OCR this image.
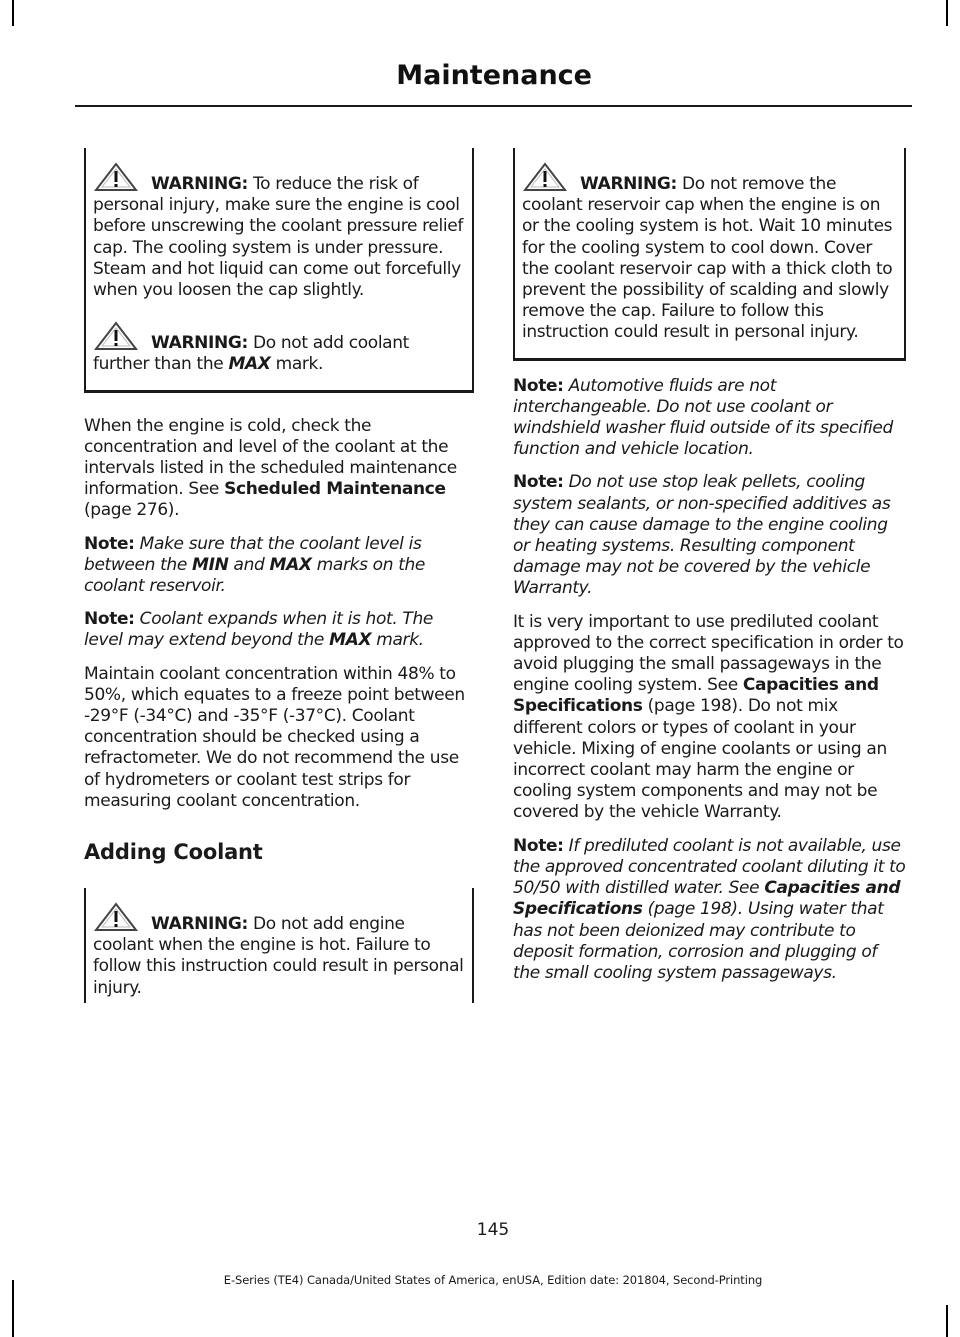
Maintenance

WARNING: To reduce the risk of personal injury, make sure the engine is cool before unscrewing the coolant pressure relief cap. The cooling system is under pressure. Steam and hot liquid can come out forcefully when you loosen the cap slightly.

WARNING: Do not add coolant further than the MAX mark.

When the engine is cold, check the concentration and level of the coolant at the intervals listed in the scheduled maintenance information. See Scheduled Maintenance (page 276).

Note: Make sure that the coolant level is between the MIN and MAX marks on the coolant reservoir.

Note: Coolant expands when it is hot. The level may extend beyond the MAX mark.

Maintain coolant concentration within 48% to 50%, which equates to a freeze point between -29°F (-34°C) and -35°F (-37°C). Coolant concentration should be checked using a refractometer. We do not recommend the use of hydrometers or coolant test strips for measuring coolant concentration.

Adding Coolant

WARNING: Do not add engine coolant when the engine is hot. Failure to follow this instruction could result in personal injury.

WARNING: Do not remove the coolant reservoir cap when the engine is on or the cooling system is hot. Wait 10 minutes for the cooling system to cool down. Cover the coolant reservoir cap with a thick cloth to prevent the possibility of scalding and slowly remove the cap. Failure to follow this instruction could result in personal injury.

Note: Automotive fluids are not interchangeable. Do not use coolant or windshield washer fluid outside of its specified function and vehicle location.

Note: Do not use stop leak pellets, cooling system sealants, or non-specified additives as they can cause damage to the engine cooling or heating systems. Resulting component damage may not be covered by the vehicle Warranty.

It is very important to use prediluted coolant approved to the correct specification in order to avoid plugging the small passageways in the engine cooling system. See Capacities and Specifications (page 198). Do not mix different colors or types of coolant in your vehicle. Mixing of engine coolants or using an incorrect coolant may harm the engine or cooling system components and may not be covered by the vehicle Warranty.

Note: If prediluted coolant is not available, use the approved concentrated coolant diluting it to 50/50 with distilled water. See Capacities and Specifications (page 198). Using water that has not been deionized may contribute to deposit formation, corrosion and plugging of the small cooling system passageways.

145
E-Series (TE4) Canada/United States of America, enUSA, Edition date: 201804, Second-Printing
